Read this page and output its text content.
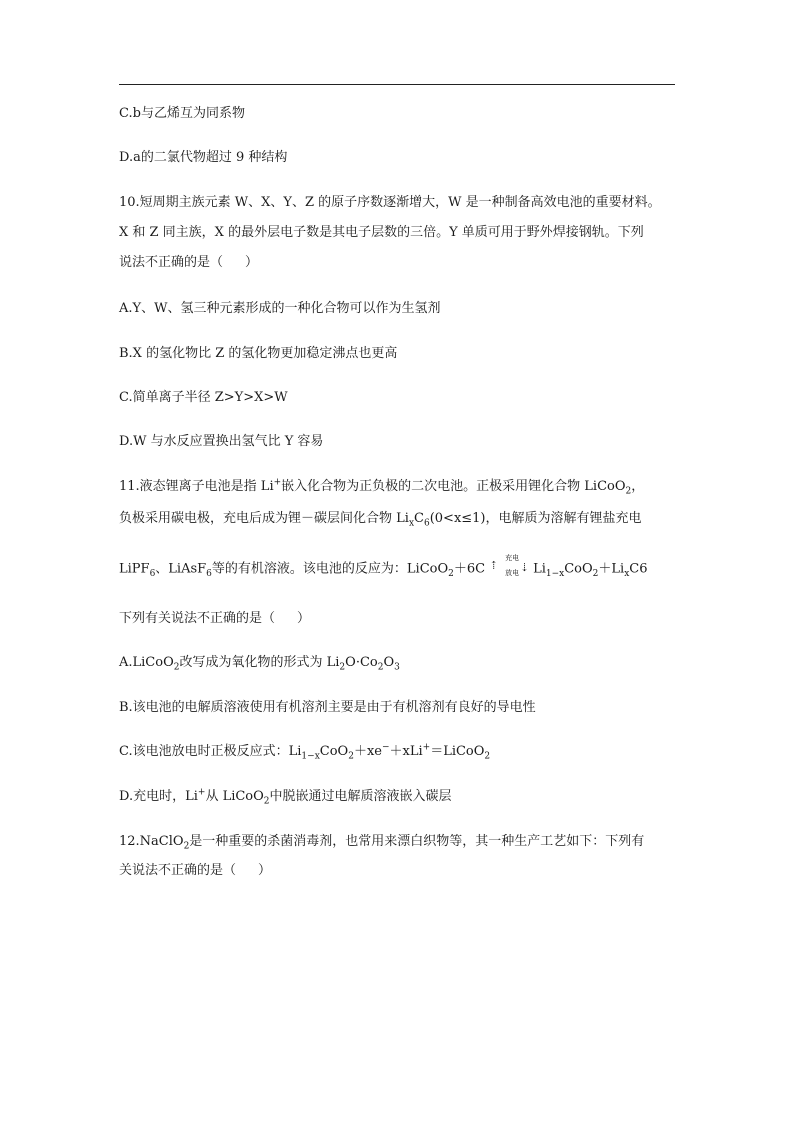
C.b与乙烯互为同系物
D.a的二氯代物超过 9 种结构
10.短周期主族元素 W、X、Y、Z 的原子序数逐渐增大，W 是一种制备高效电池的重要材料。
X 和 Z 同主族，X 的最外层电子数是其电子层数的三倍。Y 单质可用于野外焊接钢轨。下列
说法不正确的是（ ）
A.Y、W、氢三种元素形成的一种化合物可以作为生氢剂
B.X 的氢化物比 Z 的氢化物更加稳定沸点也更高
C.简单离子半径 Z>Y>X>W
D.W 与水反应置换出氢气比 Y 容易
11.液态锂离子电池是指 Li+嵌入化合物为正负极的二次电池。正极采用锂化合物 LiCoO$_2$，
负极采用碳电极，充电后成为锂－碳层间化合物 $Li_xC_6(0<x\le 1)$，电解质为溶解有锂盐充电
LiPF$_6$、LiAsF$_6$等的有机溶液。该电池的反应为：LiCoO$_2$＋6C ⇡
充电
放电 ⇣ $Li_{1-x}CoO_2+Li_xC6$
下列有关说法不正确的是（ ）
A.LiCoO$_2$改写成为氧化物的形式为 $Li_2O\cdot Co_2O_3$
B.该电池的电解质溶液使用有机溶剂主要是由于有机溶剂有良好的导电性
C.该电池放电时正极反应式：$Li_{1-x}CoO_2+xe^-+xLi^+=LiCoO_2$
D.充电时，Li+从 LiCoO$_2$中脱嵌通过电解质溶液嵌入碳层
12.NaClO$_2$是一种重要的杀菌消毒剂，也常用来漂白织物等，其一种生产工艺如下：下列有
关说法不正确的是（ ）
